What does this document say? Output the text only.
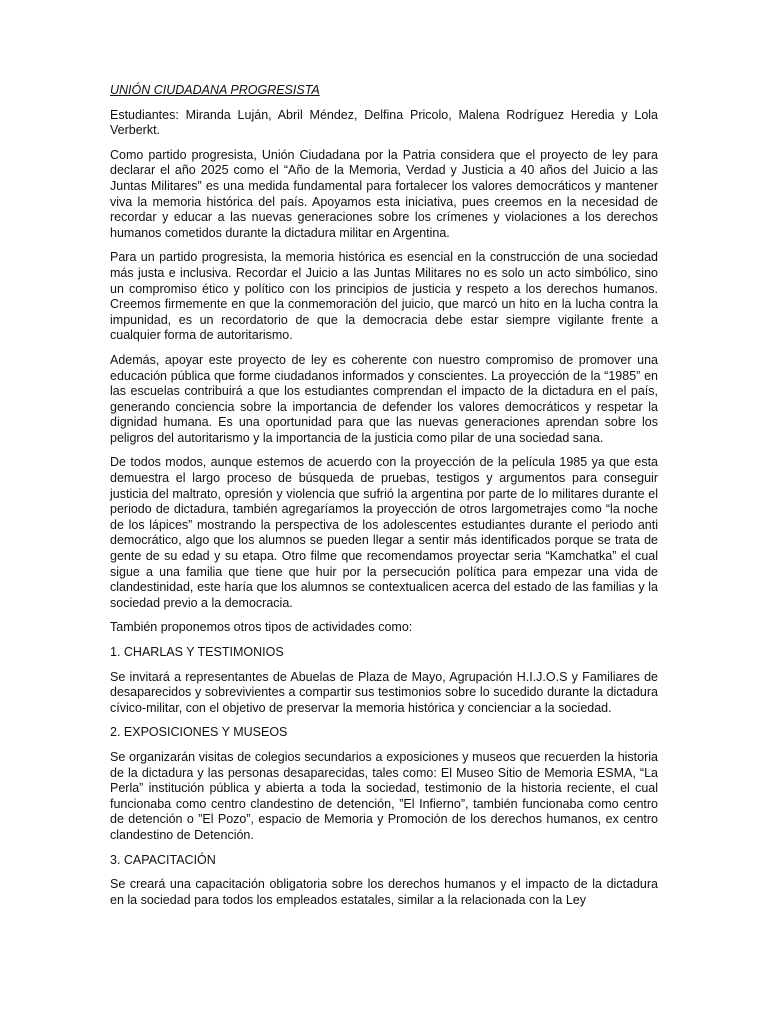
UNIÓN CIUDADANA PROGRESISTA

Estudiantes: Miranda Luján, Abril Méndez, Delfina Pricolo, Malena Rodríguez Heredia y Lola Verberkt.

Como partido progresista, Unión Ciudadana por la Patria considera que el proyecto de ley para declarar el año 2025 como el “Año de la Memoria, Verdad y Justicia a 40 años del Juicio a las Juntas Militares” es una medida fundamental para fortalecer los valores democráticos y mantener viva la memoria histórica del país. Apoyamos esta iniciativa, pues creemos en la necesidad de recordar y educar a las nuevas generaciones sobre los crímenes y violaciones a los derechos humanos cometidos durante la dictadura militar en Argentina.

Para un partido progresista, la memoria histórica es esencial en la construcción de una sociedad más justa e inclusiva. Recordar el Juicio a las Juntas Militares no es solo un acto simbólico, sino un compromiso ético y político con los principios de justicia y respeto a los derechos humanos. Creemos firmemente en que la conmemoración del juicio, que marcó un hito en la lucha contra la impunidad, es un recordatorio de que la democracia debe estar siempre vigilante frente a cualquier forma de autoritarismo.

Además, apoyar este proyecto de ley es coherente con nuestro compromiso de promover una educación pública que forme ciudadanos informados y conscientes. La proyección de la “1985” en las escuelas contribuirá a que los estudiantes comprendan el impacto de la dictadura en el país, generando conciencia sobre la importancia de defender los valores democráticos y respetar la dignidad humana. Es una oportunidad para que las nuevas generaciones aprendan sobre los peligros del autoritarismo y la importancia de la justicia como pilar de una sociedad sana.

De todos modos, aunque estemos de acuerdo con la proyección de la película 1985 ya que esta demuestra el largo proceso de búsqueda de pruebas, testigos y argumentos para conseguir justicia del maltrato, opresión y violencia que sufrió la argentina por parte de lo militares durante el periodo de dictadura, también agregaríamos la proyección de otros largometrajes como “la noche de los lápices” mostrando la perspectiva de los adolescentes estudiantes durante el periodo anti democrático, algo que los alumnos se pueden llegar a sentir más identificados porque se trata de gente de su edad y su etapa. Otro filme que recomendamos proyectar seria “Kamchatka” el cual sigue a una familia que tiene que huir por la persecución política para empezar una vida de clandestinidad, este haría que los alumnos se contextualicen acerca del estado de las familias y la sociedad previo a la democracia.

También proponemos otros tipos de actividades como:

1. CHARLAS Y TESTIMONIOS

Se invitará a representantes de Abuelas de Plaza de Mayo, Agrupación H.I.J.O.S y Familiares de desaparecidos y sobrevivientes a compartir sus testimonios sobre lo sucedido durante la dictadura cívico-militar, con el objetivo de preservar la memoria histórica y concienciar a la sociedad.

2. EXPOSICIONES Y MUSEOS

Se organizarán visitas de colegios secundarios a exposiciones y museos que recuerden la historia de la dictadura y las personas desaparecidas, tales como: El Museo Sitio de Memoria ESMA, “La Perla” institución pública y abierta a toda la sociedad, testimonio de la historia reciente, el cual funcionaba como centro clandestino de detención, ”El Infierno”, también funcionaba como centro de detención o ”El Pozo”, espacio de Memoria y Promoción de los derechos humanos, ex centro clandestino de Detención.

3. CAPACITACIÓN

Se creará una capacitación obligatoria sobre los derechos humanos y el impacto de la dictadura en la sociedad para todos los empleados estatales, similar a la relacionada con la Ley
